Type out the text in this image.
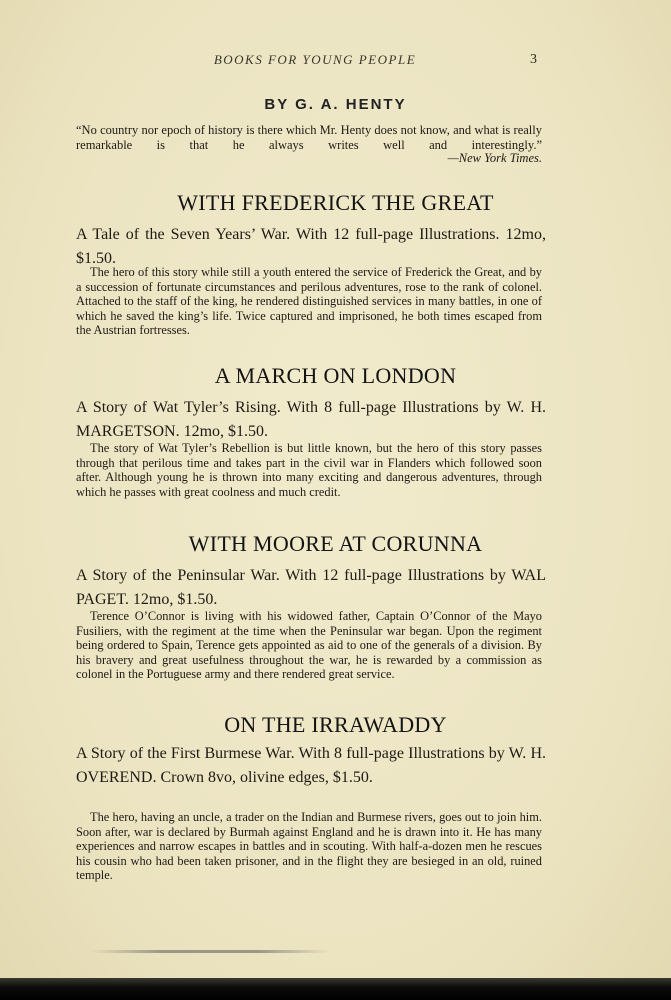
BOOKS FOR YOUNG PEOPLE	3
BY G. A. HENTY
“No country nor epoch of history is there which Mr. Henty does not know, and what is really remarkable is that he always writes well and interestingly.”
—New York Times.
WITH FREDERICK THE GREAT
A Tale of the Seven Years’ War. With 12 full-page Illustrations. 12mo, $1.50.
The hero of this story while still a youth entered the service of Frederick the Great, and by a succession of fortunate circumstances and perilous adventures, rose to the rank of colonel. Attached to the staff of the king, he rendered distinguished services in many battles, in one of which he saved the king’s life. Twice captured and imprisoned, he both times escaped from the Austrian fortresses.
A MARCH ON LONDON
A Story of Wat Tyler’s Rising. With 8 full-page Illustrations by W. H. MARGETSON. 12mo, $1.50.
The story of Wat Tyler’s Rebellion is but little known, but the hero of this story passes through that perilous time and takes part in the civil war in Flanders which followed soon after. Although young he is thrown into many exciting and dangerous adventures, through which he passes with great coolness and much credit.
WITH MOORE AT CORUNNA
A Story of the Peninsular War. With 12 full-page Illustrations by WAL PAGET. 12mo, $1.50.
Terence O’Connor is living with his widowed father, Captain O’Connor of the Mayo Fusiliers, with the regiment at the time when the Peninsular war began. Upon the regiment being ordered to Spain, Terence gets appointed as aid to one of the generals of a division. By his bravery and great usefulness throughout the war, he is rewarded by a commission as colonel in the Portuguese army and there rendered great service.
ON THE IRRAWADDY
A Story of the First Burmese War. With 8 full-page Illustrations by W. H. OVEREND. Crown 8vo, olivine edges, $1.50.
The hero, having an uncle, a trader on the Indian and Burmese rivers, goes out to join him. Soon after, war is declared by Burmah against England and he is drawn into it. He has many experiences and narrow escapes in battles and in scouting. With half-a-dozen men he rescues his cousin who had been taken prisoner, and in the flight they are besieged in an old, ruined temple.
